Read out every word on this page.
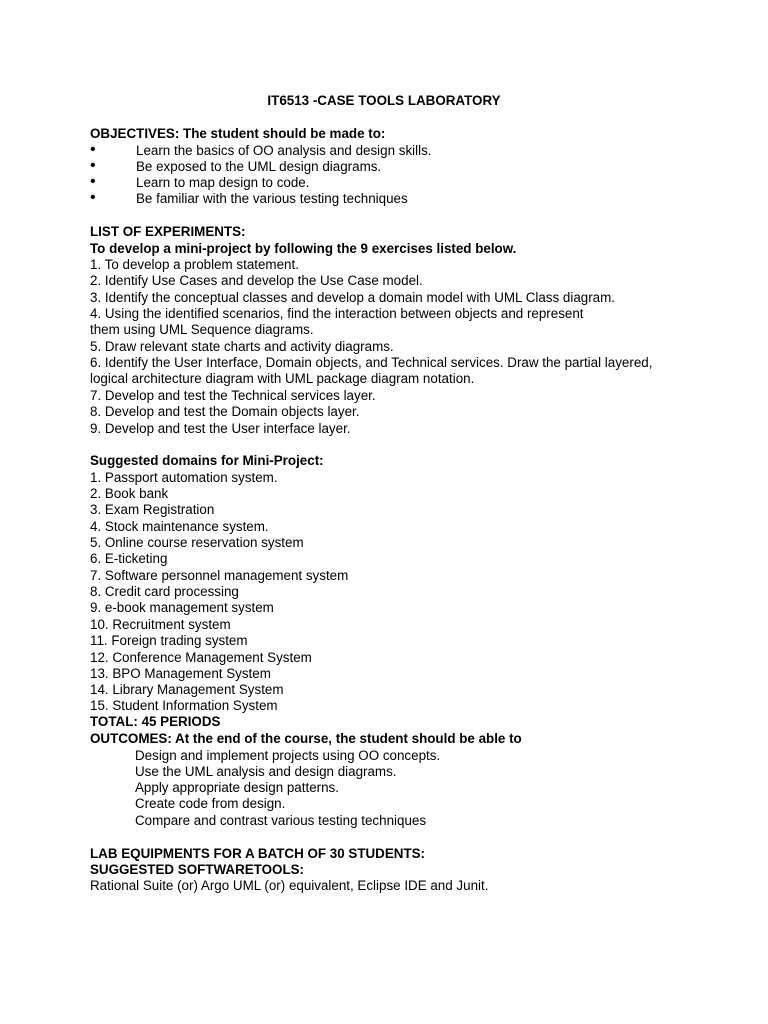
IT6513 -CASE TOOLS LABORATORY
OBJECTIVES: The student should be made to:
•	Learn the basics of OO analysis and design skills.
•	Be exposed to the UML design diagrams.
•	Learn to map design to code.
•	Be familiar with the various testing techniques
LIST OF EXPERIMENTS:
To develop a mini-project by following the 9 exercises listed below.
1. To develop a problem statement.
2. Identify Use Cases and develop the Use Case model.
3. Identify the conceptual classes and develop a domain model with UML Class diagram.
4. Using the identified scenarios, find the interaction between objects and represent
them using UML Sequence diagrams.
5. Draw relevant state charts and activity diagrams.
6. Identify the User Interface, Domain objects, and Technical services. Draw the partial layered,
logical architecture diagram with UML package diagram notation.
7. Develop and test the Technical services layer.
8. Develop and test the Domain objects layer.
9. Develop and test the User interface layer.
Suggested domains for Mini-Project:
1. Passport automation system.
2. Book bank
3. Exam Registration
4. Stock maintenance system.
5. Online course reservation system
6. E-ticketing
7. Software personnel management system
8. Credit card processing
9. e-book management system
10. Recruitment system
11. Foreign trading system
12. Conference Management System
13. BPO Management System
14. Library Management System
15. Student Information System
TOTAL: 45 PERIODS
OUTCOMES: At the end of the course, the student should be able to
Design and implement projects using OO concepts.
Use the UML analysis and design diagrams.
Apply appropriate design patterns.
Create code from design.
Compare and contrast various testing techniques
LAB EQUIPMENTS FOR A BATCH OF 30 STUDENTS:
SUGGESTED SOFTWARETOOLS:
Rational Suite (or) Argo UML (or) equivalent, Eclipse IDE and Junit.
